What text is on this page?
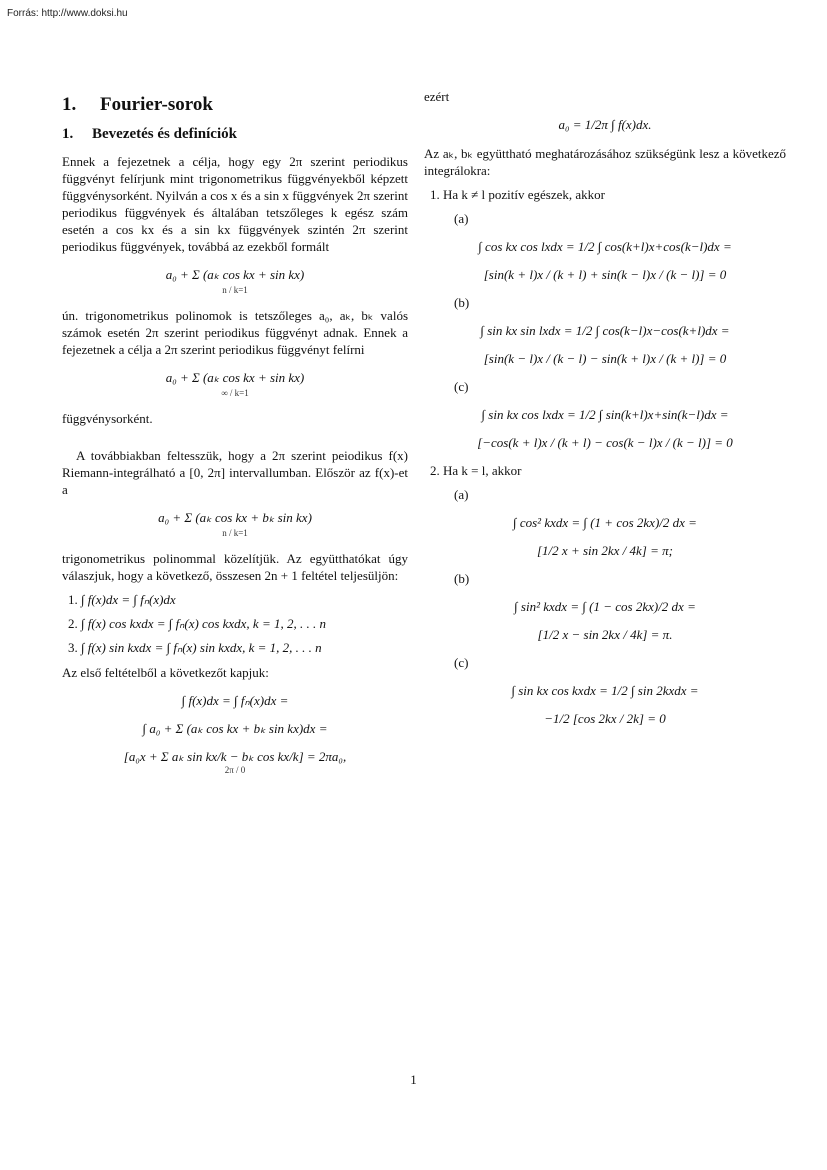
Forrás: http://www.doksi.hu
1. Fourier-sorok
1. Bevezetés és definíciók

Ennek a fejezetnek a célja, hogy egy 2π szerint periodikus függvényt felírjunk mint trigonometrikus függvényekből képzett függvénysorként. Nyilván a cos x és a sin x függvények 2π szerint periodikus függvények és általában tetszőleges k egész szám esetén a cos kx és a sin kx függvények szintén 2π szerint periodikus függvények, továbbá az ezekből formált

a₀ + Σ (aₖ cos kx + sin kx)
n / k=1

ún. trigonometrikus polinomok is tetszőleges a₀, aₖ, bₖ valós számok esetén 2π szerint periodikus függvényt adnak. Ennek a fejezetnek a célja a 2π szerint periodikus függvényt felírni

a₀ + Σ (aₖ cos kx + sin kx)
∞ / k=1

függvénysorként.

A továbbiakban feltesszük, hogy a 2π szerint peiodikus f(x) Riemann-integrálható a [0, 2π] intervallumban. Először az f(x)-et a

a₀ + Σ (aₖ cos kx + bₖ sin kx)
n / k=1

trigonometrikus polinommal közelítjük. Az együtthatókat úgy válaszjuk, hogy a következő, összesen 2n + 1 feltétel teljesüljön:

1. ∫ f(x)dx = ∫ fₙ(x)dx
2. ∫ f(x) cos kxdx = ∫ fₙ(x) cos kxdx, k = 1, 2, . . . n
3. ∫ f(x) sin kxdx = ∫ fₙ(x) sin kxdx, k = 1, 2, . . . n

Az első feltételből a következőt kapjuk:

∫ f(x)dx = ∫ fₙ(x)dx =
∫ a₀ + Σ (aₖ cos kx + bₖ sin kx)dx =
[a₀x + Σ aₖ sin kx/k − bₖ cos kx/k] = 2πa₀,
2π / 0

ezért

a₀ = 1/2π ∫ f(x)dx.

Az aₖ, bₖ együttható meghatározásához szükségünk lesz a következő integrálokra:

1. Ha k ≠ l pozitív egészek, akkor
(a)
∫ cos kx cos lxdx = 1/2 ∫ cos(k+l)x+cos(k−l)dx =
[sin(k + l)x / (k + l) + sin(k − l)x / (k − l)] = 0
(b)
∫ sin kx sin lxdx = 1/2 ∫ cos(k−l)x−cos(k+l)dx =
[sin(k − l)x / (k − l) − sin(k + l)x / (k + l)] = 0
(c)
∫ sin kx cos lxdx = 1/2 ∫ sin(k+l)x+sin(k−l)dx =
[−cos(k + l)x / (k + l) − cos(k − l)x / (k − l)] = 0
2. Ha k = l, akkor
(a)
∫ cos² kxdx = ∫ (1 + cos 2kx)/2 dx =
[1/2 x + sin 2kx / 4k] = π;
(b)
∫ sin² kxdx = ∫ (1 − cos 2kx)/2 dx =
[1/2 x − sin 2kx / 4k] = π.
(c)
∫ sin kx cos kxdx = 1/2 ∫ sin 2kxdx =
−1/2 [cos 2kx / 2k] = 0
1
